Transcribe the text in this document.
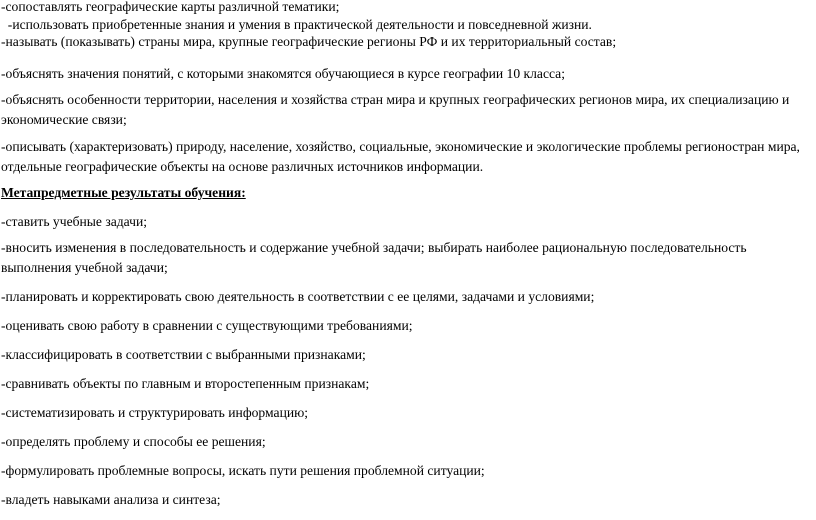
-сопоставлять географические карты различной тематики;

-использовать приобретенные знания и умения в практической деятельности и повседневной жизни.

-называть (показывать) страны мира, крупные географические регионы РФ и их территориальный состав;

-объяснять значения понятий, с которыми знакомятся обучающиеся в курсе географии 10 класса;

-объяснять особенности территории, населения и хозяйства стран мира и крупных географических регионов мира, их специализацию и экономические связи;

-описывать (характеризовать) природу, население, хозяйство, социальные, экономические и экологические проблемы регионостран мира, отдельные географические объекты на основе различных источников информации.

Метапредметные результаты обучения:

-ставить учебные задачи;

-вносить изменения в последовательность и содержание учебной задачи; выбирать наиболее рациональную последовательность выполнения учебной задачи;

-планировать и корректировать свою деятельность в соответствии с ее целями, задачами и условиями;

-оценивать свою работу в сравнении с существующими требованиями;

-классифицировать в соответствии с выбранными признаками;

-сравнивать объекты по главным и второстепенным признакам;

-систематизировать и структурировать информацию;

-определять проблему и способы ее решения;

-формулировать проблемные вопросы, искать пути решения проблемной ситуации;

-владеть навыками анализа и синтеза;
